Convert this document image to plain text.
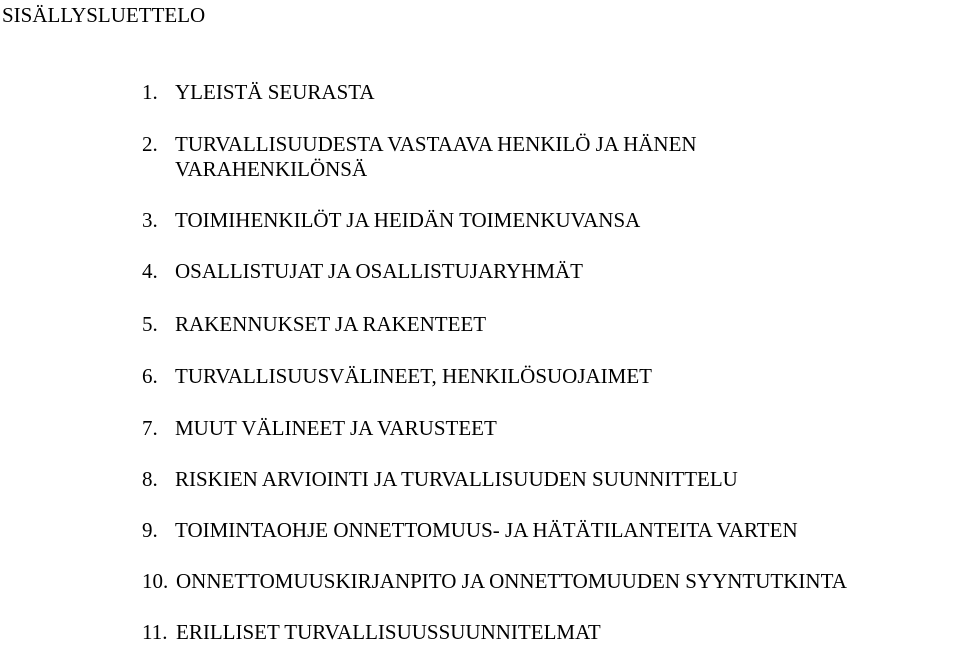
SISÄLLYSLUETTELO
1. YLEISTÄ SEURASTA
2. TURVALLISUUDESTA VASTAAVA HENKILÖ JA HÄNEN
VARAHENKILÖNSÄ
3. TOIMIHENKILÖT JA HEIDÄN TOIMENKUVANSA
4. OSALLISTUJAT JA OSALLISTUJARYHMÄT
5. RAKENNUKSET JA RAKENTEET
6. TURVALLISUUSVÄLINEET, HENKILÖSUOJAIMET
7. MUUT VÄLINEET JA VARUSTEET
8. RISKIEN ARVIOINTI JA TURVALLISUUDEN SUUNNITTELU
9. TOIMINTAOHJE ONNETTOMUUS- JA HÄTÄTILANTEITA VARTEN
10. ONNETTOMUUSKIRJANPITO JA ONNETTOMUUDEN SYYNTUTKINTA
11. ERILLISET TURVALLISUUSSUUNNITELMAT
